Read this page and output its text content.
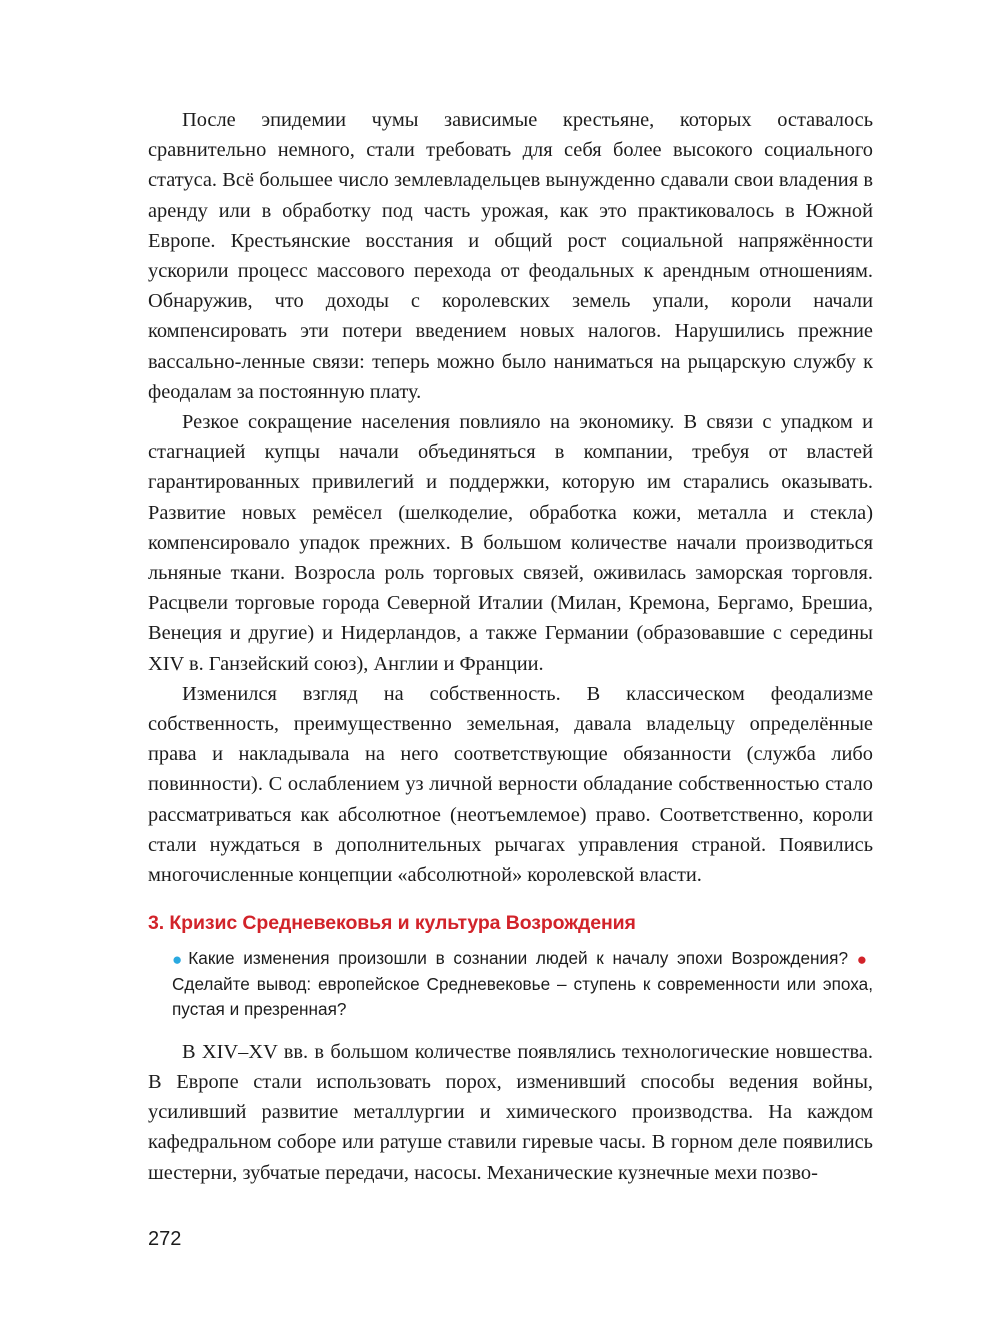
После эпидемии чумы зависимые крестьяне, которых оставалось сравнительно немного, стали требовать для себя более высокого социального статуса. Всё большее число землевладельцев вынужденно сдавали свои владения в аренду или в обработку под часть урожая, как это практиковалось в Южной Европе. Крестьянские восстания и общий рост социальной напряжённости ускорили процесс массового перехода от феодальных к арендным отношениям. Обнаружив, что доходы с королевских земель упали, короли начали компенсировать эти потери введением новых налогов. Нарушились прежние вассально-ленные связи: теперь можно было наниматься на рыцарскую службу к феодалам за постоянную плату.

Резкое сокращение населения повлияло на экономику. В связи с упадком и стагнацией купцы начали объединяться в компании, требуя от властей гарантированных привилегий и поддержки, которую им старались оказывать. Развитие новых ремёсел (шелкоделие, обработка кожи, металла и стекла) компенсировало упадок прежних. В большом количестве начали производиться льняные ткани. Возросла роль торговых связей, оживилась заморская торговля. Расцвели торговые города Северной Италии (Милан, Кремона, Бергамо, Брешиа, Венеция и другие) и Нидерландов, а также Германии (образовавшие с середины XIV в. Ганзейский союз), Англии и Франции.

Изменился взгляд на собственность. В классическом феодализме собственность, преимущественно земельная, давала владельцу определённые права и накладывала на него соответствующие обязанности (служба либо повинности). С ослаблением уз личной верности обладание собственностью стало рассматриваться как абсолютное (неотъемлемое) право. Соответственно, короли стали нуждаться в дополнительных рычагах управления страной. Появились многочисленные концепции «абсолютной» королевской власти.

3. Кризис Средневековья и культура Возрождения
● Какие изменения произошли в сознании людей к началу эпохи Возрождения? ●Сделайте вывод: европейское Средневековье – ступень к современности или эпоха, пустая и презренная?

В XIV–XV вв. в большом количестве появлялись технологические новшества. В Европе стали использовать порох, изменивший способы ведения войны, усиливший развитие металлургии и химического производства. На каждом кафедральном соборе или ратуше ставили гиревые часы. В горном деле появились шестерни, зубчатые передачи, насосы. Механические кузнечные мехи позво-

272
